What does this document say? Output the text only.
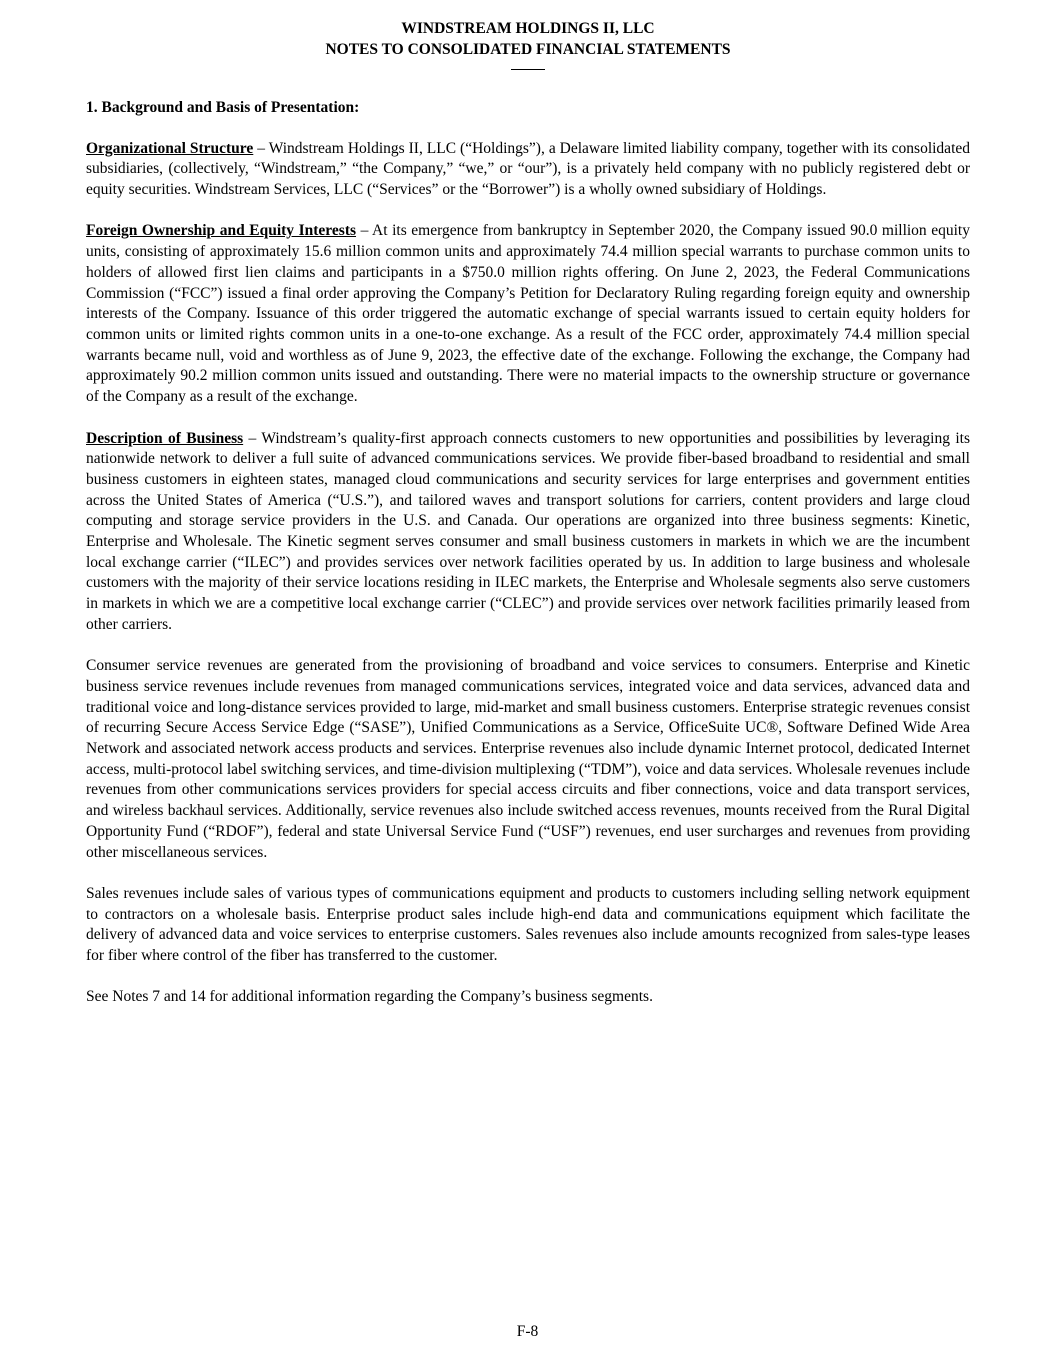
WINDSTREAM HOLDINGS II, LLC
NOTES TO CONSOLIDATED FINANCIAL STATEMENTS
1. Background and Basis of Presentation:

Organizational Structure – Windstream Holdings II, LLC (“Holdings”), a Delaware limited liability company, together with its consolidated subsidiaries, (collectively, “Windstream,” “the Company,” “we,” or “our”), is a privately held company with no publicly registered debt or equity securities. Windstream Services, LLC (“Services” or the “Borrower”) is a wholly owned subsidiary of Holdings.

Foreign Ownership and Equity Interests – At its emergence from bankruptcy in September 2020, the Company issued 90.0 million equity units, consisting of approximately 15.6 million common units and approximately 74.4 million special warrants to purchase common units to holders of allowed first lien claims and participants in a $750.0 million rights offering. On June 2, 2023, the Federal Communications Commission (“FCC”) issued a final order approving the Company’s Petition for Declaratory Ruling regarding foreign equity and ownership interests of the Company. Issuance of this order triggered the automatic exchange of special warrants issued to certain equity holders for common units or limited rights common units in a one-to-one exchange. As a result of the FCC order, approximately 74.4 million special warrants became null, void and worthless as of June 9, 2023, the effective date of the exchange. Following the exchange, the Company had approximately 90.2 million common units issued and outstanding. There were no material impacts to the ownership structure or governance of the Company as a result of the exchange.

Description of Business – Windstream’s quality-first approach connects customers to new opportunities and possibilities by leveraging its nationwide network to deliver a full suite of advanced communications services. We provide fiber-based broadband to residential and small business customers in eighteen states, managed cloud communications and security services for large enterprises and government entities across the United States of America (“U.S.”), and tailored waves and transport solutions for carriers, content providers and large cloud computing and storage service providers in the U.S. and Canada. Our operations are organized into three business segments: Kinetic, Enterprise and Wholesale. The Kinetic segment serves consumer and small business customers in markets in which we are the incumbent local exchange carrier (“ILEC”) and provides services over network facilities operated by us. In addition to large business and wholesale customers with the majority of their service locations residing in ILEC markets, the Enterprise and Wholesale segments also serve customers in markets in which we are a competitive local exchange carrier (“CLEC”) and provide services over network facilities primarily leased from other carriers.

Consumer service revenues are generated from the provisioning of broadband and voice services to consumers. Enterprise and Kinetic business service revenues include revenues from managed communications services, integrated voice and data services, advanced data and traditional voice and long-distance services provided to large, mid-market and small business customers. Enterprise strategic revenues consist of recurring Secure Access Service Edge (“SASE”), Unified Communications as a Service, OfficeSuite UC®, Software Defined Wide Area Network and associated network access products and services. Enterprise revenues also include dynamic Internet protocol, dedicated Internet access, multi-protocol label switching services, and time-division multiplexing (“TDM”), voice and data services. Wholesale revenues include revenues from other communications services providers for special access circuits and fiber connections, voice and data transport services, and wireless backhaul services. Additionally, service revenues also include switched access revenues, mounts received from the Rural Digital Opportunity Fund (“RDOF”), federal and state Universal Service Fund (“USF”) revenues, end user surcharges and revenues from providing other miscellaneous services.

Sales revenues include sales of various types of communications equipment and products to customers including selling network equipment to contractors on a wholesale basis. Enterprise product sales include high-end data and communications equipment which facilitate the delivery of advanced data and voice services to enterprise customers. Sales revenues also include amounts recognized from sales-type leases for fiber where control of the fiber has transferred to the customer.

See Notes 7 and 14 for additional information regarding the Company’s business segments.

F-8
